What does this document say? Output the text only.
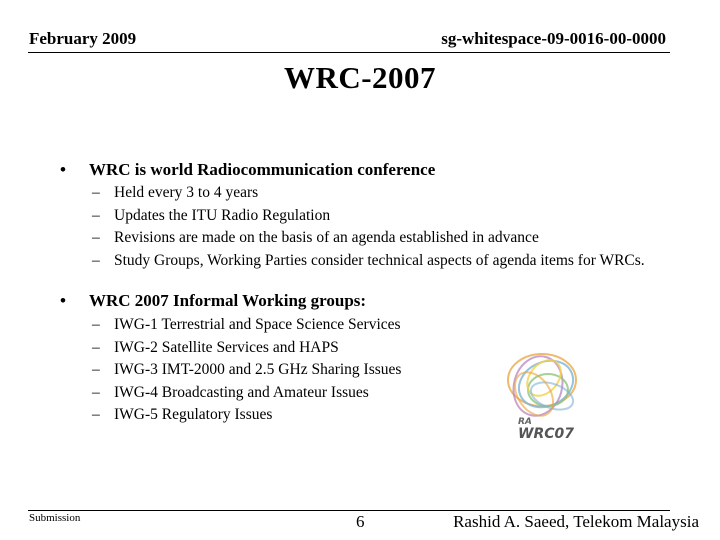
February 2009	sg-whitespace-09-0016-00-0000
WRC-2007
•	WRC is world Radiocommunication conference
– Held every 3 to 4 years
– Updates the ITU Radio Regulation
– Revisions are made on the basis of an agenda established in advance
– Study Groups, Working Parties consider technical aspects of agenda items for WRCs.
•	WRC 2007 Informal Working groups:
– IWG-1 Terrestrial and Space Science Services
– IWG-2 Satellite Services and HAPS
– IWG-3 IMT-2000 and 2.5 GHz Sharing Issues
– IWG-4 Broadcasting and Amateur Issues
– IWG-5 Regulatory Issues	RA
WRC07
Submission	6	Rashid A. Saeed, Telekom Malaysia
